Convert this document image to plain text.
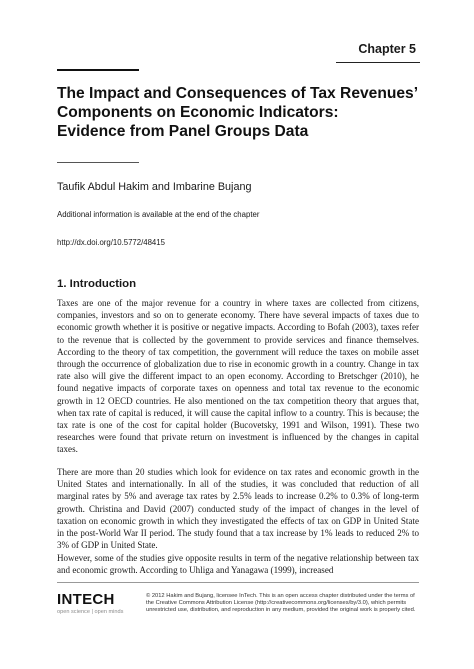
Chapter 5
The Impact and Consequences of Tax Revenues’
Components on Economic Indicators:
Evidence from Panel Groups Data
Taufik Abdul Hakim and Imbarine Bujang
Additional information is available at the end of the chapter
http://dx.doi.org/10.5772/48415
1. Introduction

Taxes are one of the major revenue for a country in where taxes are collected from citizens, companies, investors and so on to generate economy. There have several impacts of taxes due to economic growth whether it is positive or negative impacts. According to Bofah (2003), taxes refer to the revenue that is collected by the government to provide services and finance themselves. According to the theory of tax competition, the government will reduce the taxes on mobile asset through the occurrence of globalization due to rise in economic growth in a country. Change in tax rate also will give the different impact to an open economy. According to Bretschger (2010), he found negative impacts of corporate taxes on openness and total tax revenue to the economic growth in 12 OECD countries. He also mentioned on the tax competition theory that argues that, when tax rate of capital is reduced, it will cause the capital inflow to a country. This is because; the tax rate is one of the cost for capital holder (Bucovetsky, 1991 and Wilson, 1991). These two researches were found that private return on investment is influenced by the changes in capital taxes.

There are more than 20 studies which look for evidence on tax rates and economic growth in the United States and internationally. In all of the studies, it was concluded that reduction of all marginal rates by 5% and average tax rates by 2.5% leads to increase 0.2% to 0.3% of long-term growth. Christina and David (2007) conducted study of the impact of changes in the level of taxation on economic growth in which they investigated the effects of tax on GDP in United State in the post-World War II period. The study found that a tax increase by 1% leads to reduced 2% to 3% of GDP in United State.

However, some of the studies give opposite results in term of the negative relationship between tax and economic growth. According to Uhliga and Yanagawa (1999), increased

INTECH
open science | open minds

© 2012 Hakim and Bujang, licensee InTech. This is an open access chapter distributed under the terms of the Creative Commons Attribution License (http://creativecommons.org/licenses/by/3.0), which permits unrestricted use, distribution, and reproduction in any medium, provided the original work is properly cited.
